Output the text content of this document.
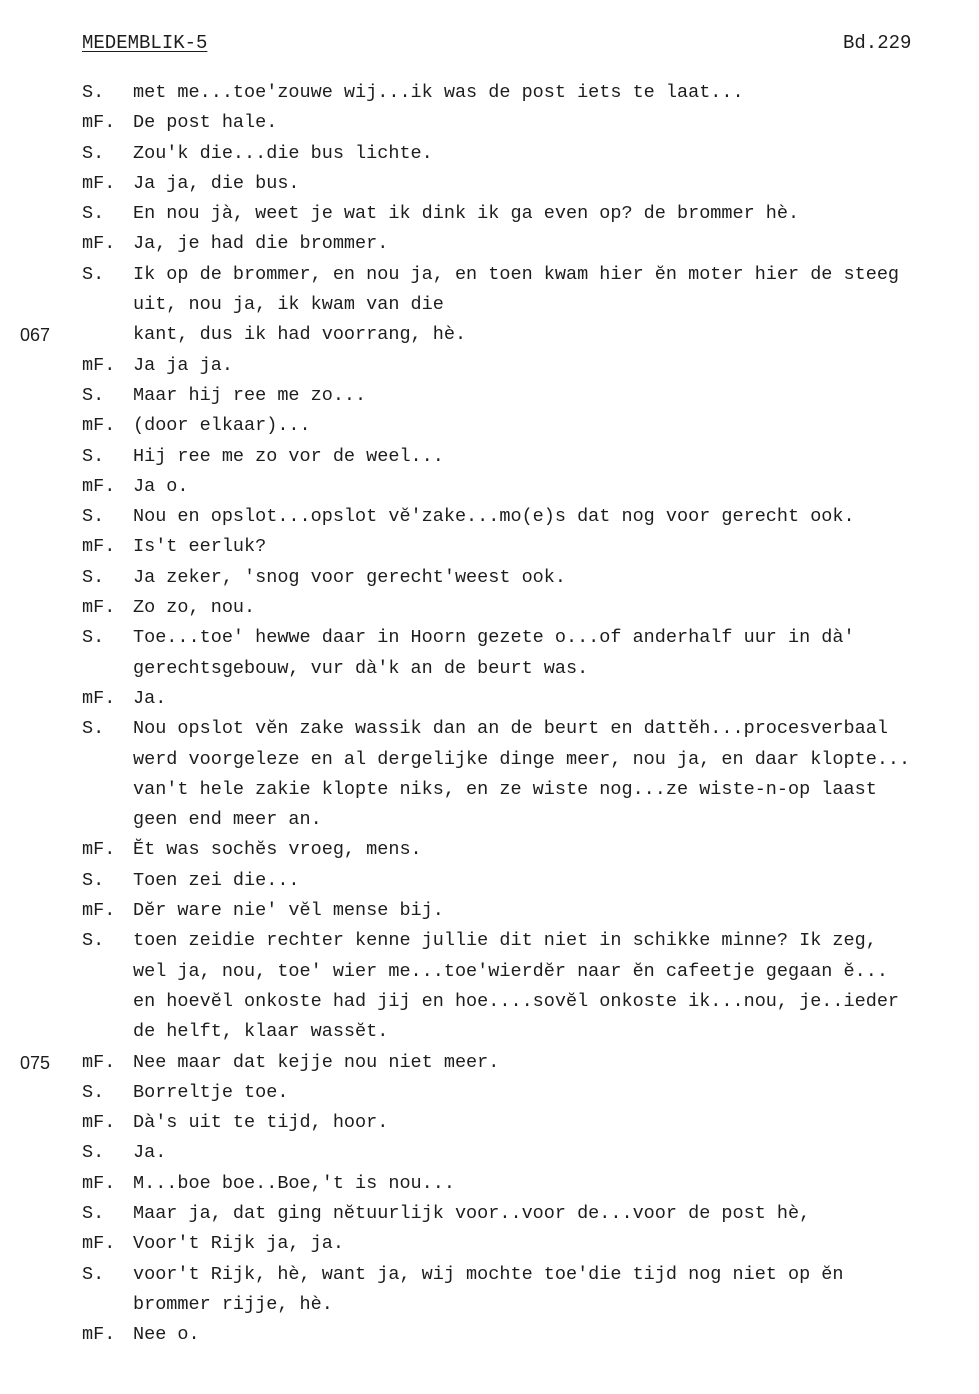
MEDEMBLIK-5	Bd.229
S. met me...toe'zouwe wij...ik was de post iets te laat...
mF. De post hale.
S. Zou'k die...die bus lichte.
mF. Ja ja, die bus.
S. En nou jà, weet je wat ik dink ik ga even op? de brommer hè.
mF. Ja, je had die brommer.
S. Ik op de brommer, en nou ja, en toen kwam hier ĕn moter hier de steeg
uit, nou ja, ik kwam van die
067	kant, dus ik had voorrang, hè.
mF. Ja ja ja.
S. Maar hij ree me zo...
mF. (door elkaar)...
S. Hij ree me zo vor de weel...
mF. Ja o.
S. Nou en opslot...opslot vĕ'zake...mo(e)s dat nog voor gerecht ook.
mF. Is't eerluk?
S. Ja zeker, 'snog voor gerecht'weest ook.
mF. Zo zo, nou.
S. Toe...toe' hewwe daar in Hoorn gezete o...of anderhalf uur in dà'
gerechtsgebouw, vur dà'k an de beurt was.
mF. Ja.
S. Nou opslot vĕn zake wassik dan an de beurt en dattĕh...procesverbaal
werd voorgeleze en al dergelijke dinge meer, nou ja, en daar klopte...
van't hele zakie klopte niks, en ze wiste nog...ze wiste-n-op laast
geen end meer an.
mF. Ĕt was sochĕs vroeg, mens.
S. Toen zei die...
mF. Dĕr ware nie' vĕl mense bij.
S. toen zeidie rechter kenne jullie dit niet in schikke minne? Ik zeg,
wel ja, nou, toe' wier me...toe'wierdĕr naar ĕn cafeetje gegaan ĕ...
en hoevĕl onkoste had jij en hoe....sovĕl onkoste ik...nou, je..ieder
de helft, klaar wassĕt.
075 mF. Nee maar dat kejje nou niet meer.
S. Borreltje toe.
mF. Dà's uit te tijd, hoor.
S. Ja.
mF. M...boe boe..Boe,'t is nou...
S. Maar ja, dat ging nĕtuurlijk voor..voor de...voor de post hè,
mF. Voor't Rijk ja, ja.
S. voor't Rijk, hè, want ja, wij mochte toe'die tijd nog niet op ĕn
brommer rijje, hè.
mF. Nee o.
